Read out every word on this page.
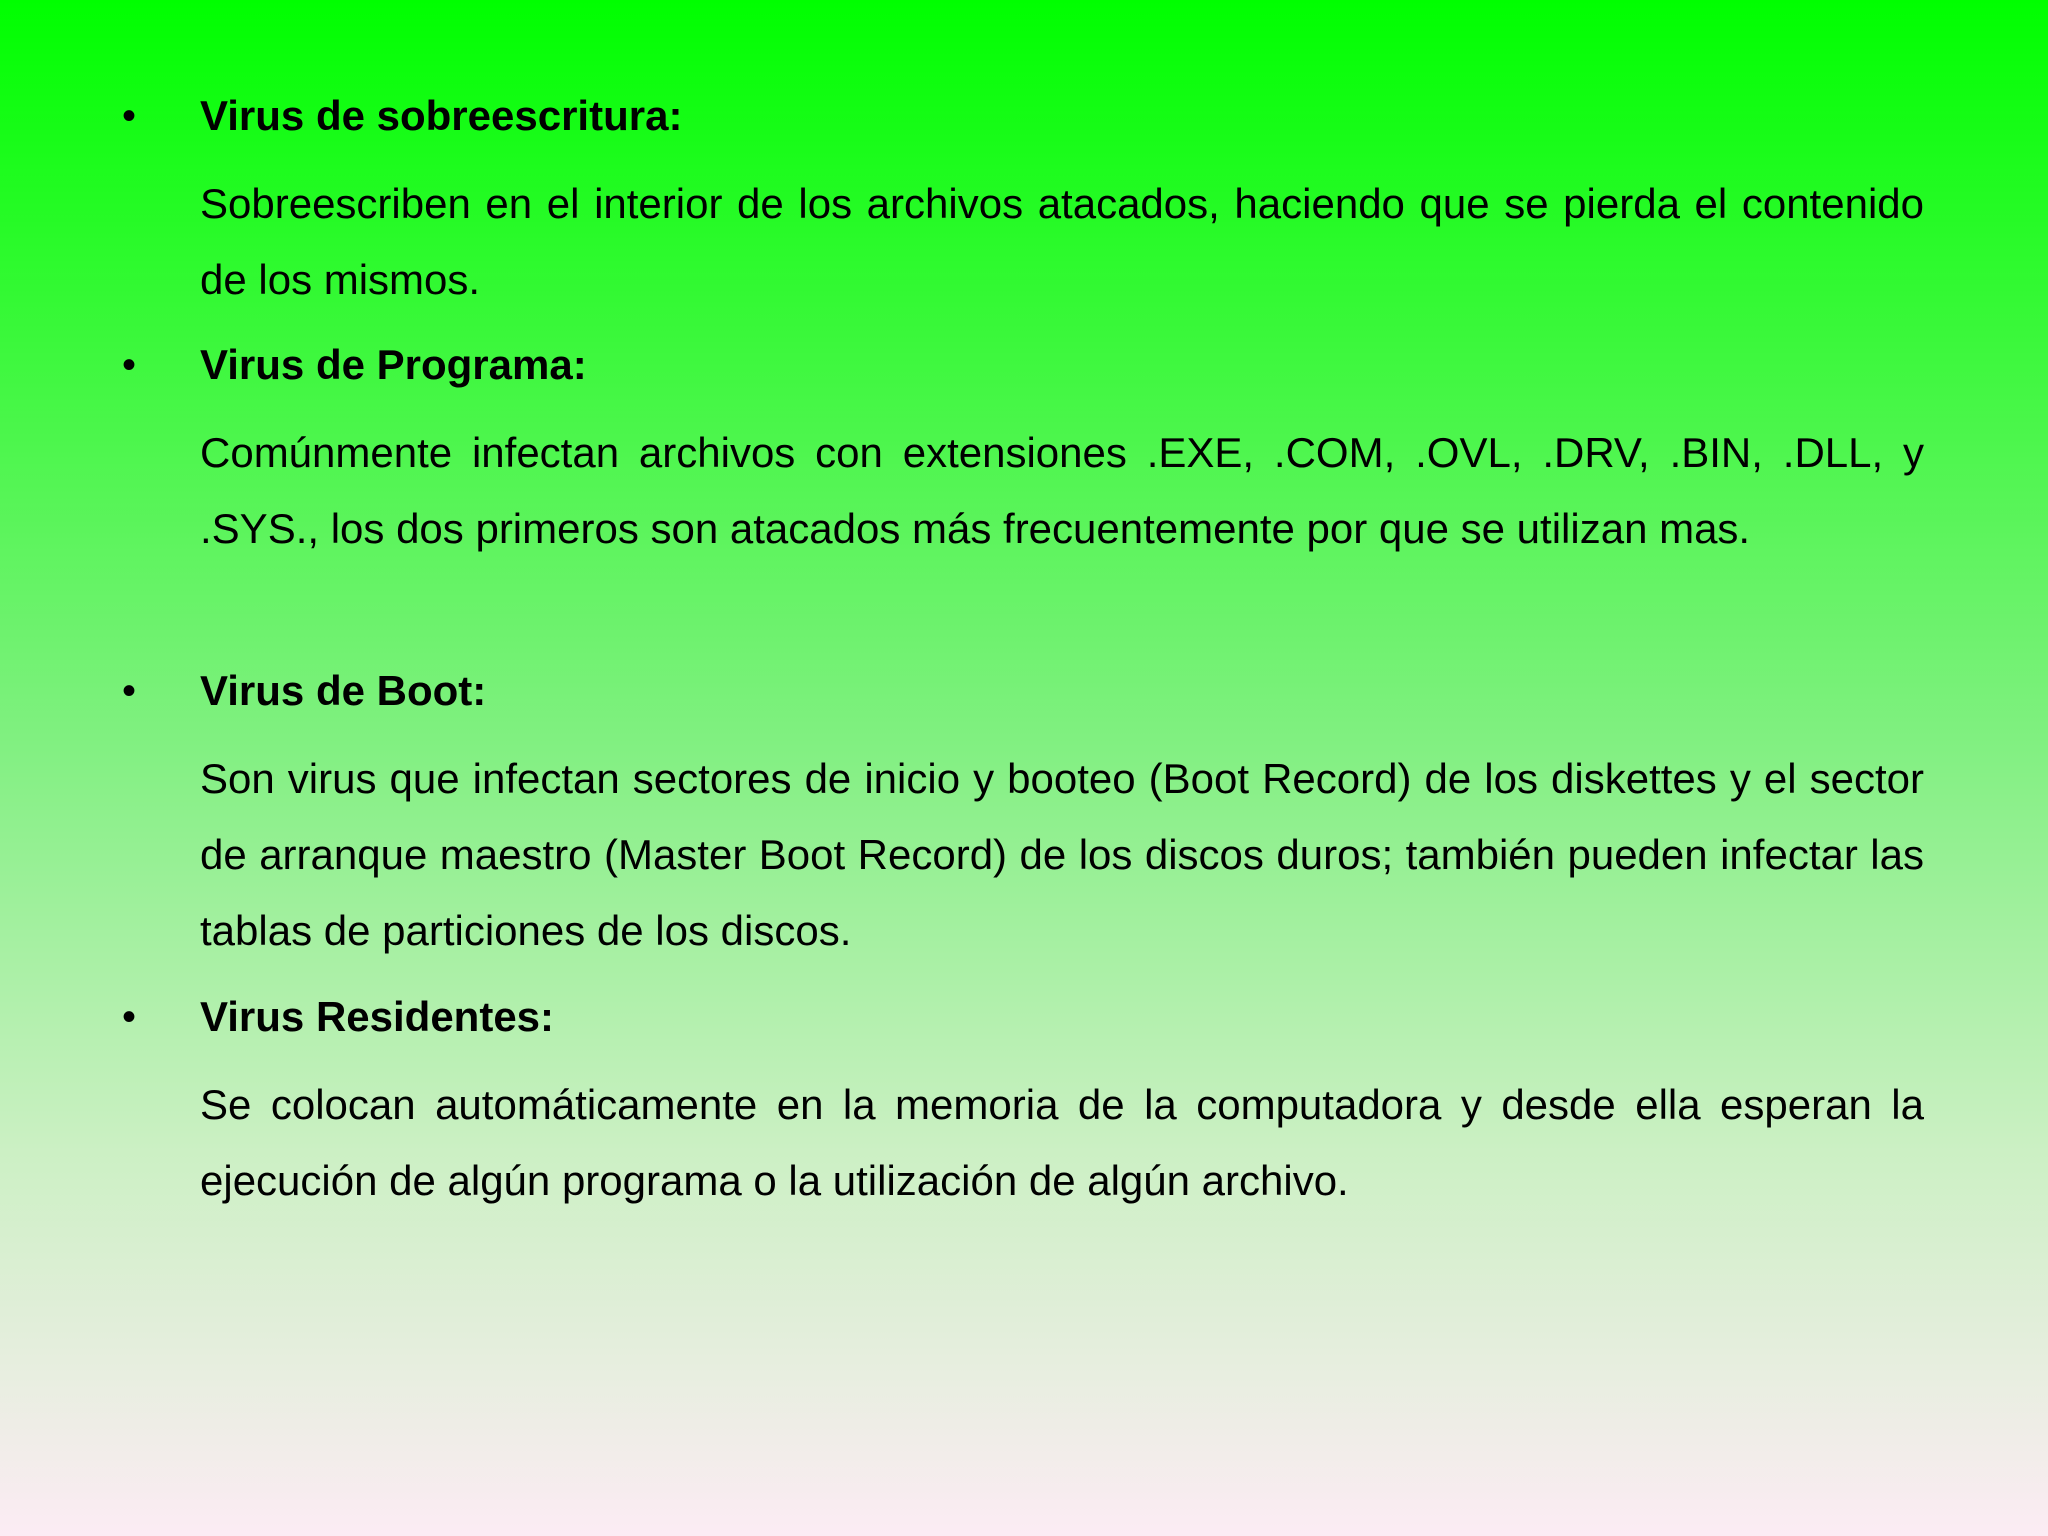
• Virus de sobreescritura:

Sobreescriben en el interior de los archivos atacados, haciendo que se pierda el contenido de los mismos.

• Virus de Programa:

Comúnmente infectan archivos con extensiones .EXE, .COM, .OVL, .DRV, .BIN, .DLL, y .SYS., los dos primeros son atacados más frecuentemente por que se utilizan mas.

• Virus de Boot:

Son virus que infectan sectores de inicio y booteo (Boot Record) de los diskettes y el sector de arranque maestro (Master Boot Record) de los discos duros; también pueden infectar las tablas de particiones de los discos.

• Virus Residentes:

Se colocan automáticamente en la memoria de la computadora y desde ella esperan la ejecución de algún programa o la utilización de algún archivo.
